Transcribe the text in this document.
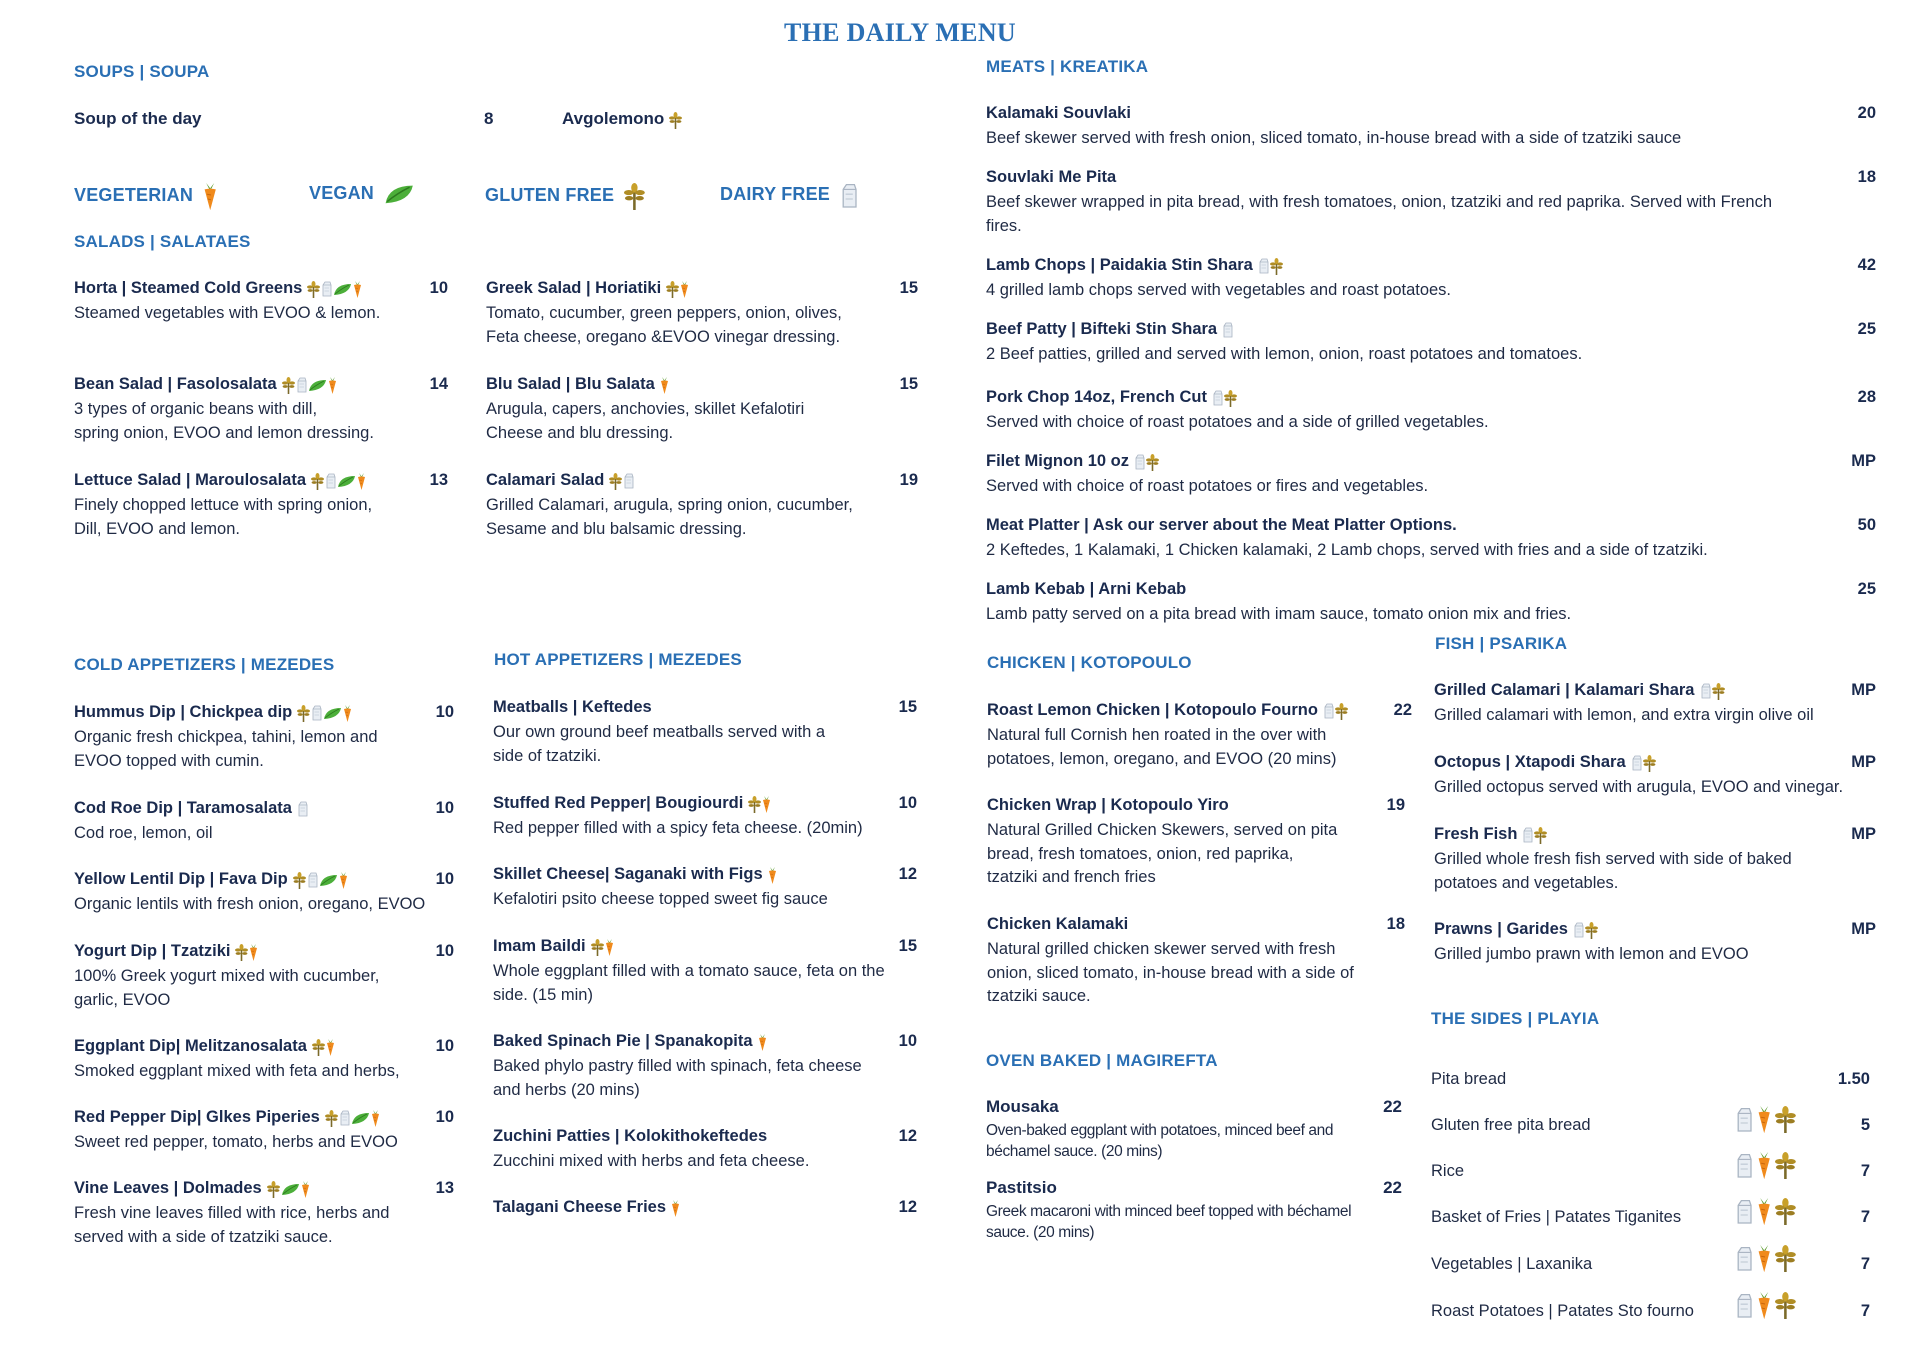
THE DAILY MENU
SOUPS | SOUPA
Soup of the day	8	Avgolemono
VEGETERIAN	VEGAN	GLUTEN FREE	DAIRY FREE
SALADS | SALATAES
COLD APPETIZERS | MEZEDES	HOT APPETIZERS | MEZEDES
MEATS | KREATIKA
CHICKEN | KOTOPOULO
OVEN BAKED | MAGIREFTA
FISH | PSARIKA
THE SIDES | PLAYIA
Horta | Steamed Cold Greens	10
Steamed vegetables with EVOO & lemon.
Greek Salad | Horiatiki	15
Tomato, cucumber, green peppers, onion, olives,
Feta cheese, oregano &EVOO vinegar dressing.
Bean Salad | Fasolosalata	14
3 types of organic beans with dill,
spring onion, EVOO and lemon dressing.
Blu Salad | Blu Salata	15
Arugula, capers, anchovies, skillet Kefalotiri
Cheese and blu dressing.
Lettuce Salad | Maroulosalata	13
Finely chopped lettuce with spring onion,
Dill, EVOO and lemon.
Calamari Salad	19
Grilled Calamari, arugula, spring onion, cucumber,
Sesame and blu balsamic dressing.
Hummus Dip | Chickpea dip	10
Organic fresh chickpea, tahini, lemon and
EVOO topped with cumin.
Cod Roe Dip | Taramosalata	10
Cod roe, lemon, oil
Yellow Lentil Dip | Fava Dip	10
Organic lentils with fresh onion, oregano, EVOO
Yogurt Dip | Tzatziki	10
100% Greek yogurt mixed with cucumber,
garlic, EVOO
Eggplant Dip| Melitzanosalata	10
Smoked eggplant mixed with feta and herbs,
Red Pepper Dip| Glkes Piperies	10
Sweet red pepper, tomato, herbs and EVOO
Vine Leaves | Dolmades	13
Fresh vine leaves filled with rice, herbs and
served with a side of tzatziki sauce.
Meatballs | Keftedes	15
Our own ground beef meatballs served with a
side of tzatziki.
Stuffed Red Pepper| Bougiourdi	10
Red pepper filled with a spicy feta cheese. (20min)
Skillet Cheese| Saganaki with Figs	12
Kefalotiri psito cheese topped sweet fig sauce
Imam Baildi	15
Whole eggplant filled with a tomato sauce, feta on the
side. (15 min)
Baked Spinach Pie | Spanakopita	10
Baked phylo pastry filled with spinach, feta cheese
and herbs (20 mins)
Zuchini Patties | Kolokithokeftedes	12
Zucchini mixed with herbs and feta cheese.
Talagani Cheese Fries	12
Kalamaki Souvlaki	20
Beef skewer served with fresh onion, sliced tomato, in-house bread with a side of tzatziki sauce
Souvlaki Me Pita	18
Beef skewer wrapped in pita bread, with fresh tomatoes, onion, tzatziki and red paprika. Served with French
fires.
Lamb Chops | Paidakia Stin Shara	42
4 grilled lamb chops served with vegetables and roast potatoes.
Beef Patty | Bifteki Stin Shara	25
2 Beef patties, grilled and served with lemon, onion, roast potatoes and tomatoes.
Pork Chop 14oz, French Cut	28
Served with choice of roast potatoes and a side of grilled vegetables.
Filet Mignon 10 oz	MP
Served with choice of roast potatoes or fires and vegetables.
Meat Platter | Ask our server about the Meat Platter Options.	50
2 Keftedes, 1 Kalamaki, 1 Chicken kalamaki, 2 Lamb chops, served with fries and a side of tzatziki.
Lamb Kebab | Arni Kebab	25
Lamb patty served on a pita bread with imam sauce, tomato onion mix and fries.
Roast Lemon Chicken | Kotopoulo Fourno	22
Natural full Cornish hen roated in the over with
potatoes, lemon, oregano, and EVOO (20 mins)
Chicken Wrap | Kotopoulo Yiro	19
Natural Grilled Chicken Skewers, served on pita
bread, fresh tomatoes, onion, red paprika,
tzatziki and french fries
Chicken Kalamaki	18
Natural grilled chicken skewer served with fresh
onion, sliced tomato, in-house bread with a side of
tzatziki sauce.
Mousaka	22
Oven-baked eggplant with potatoes, minced beef and
béchamel sauce. (20 mins)
Pastitsio	22
Greek macaroni with minced beef topped with béchamel
sauce. (20 mins)
Grilled Calamari | Kalamari Shara	MP
Grilled calamari with lemon, and extra virgin olive oil
Octopus | Xtapodi Shara	MP
Grilled octopus served with arugula, EVOO and vinegar.
Fresh Fish	MP
Grilled whole fresh fish served with side of baked
potatoes and vegetables.
Prawns | Garides	MP
Grilled jumbo prawn with lemon and EVOO
Pita bread	1.50
Gluten free pita bread	5
Rice	7
Basket of Fries | Patates Tiganites	7
Vegetables | Laxanika	7
Roast Potatoes | Patates Sto fourno	7
